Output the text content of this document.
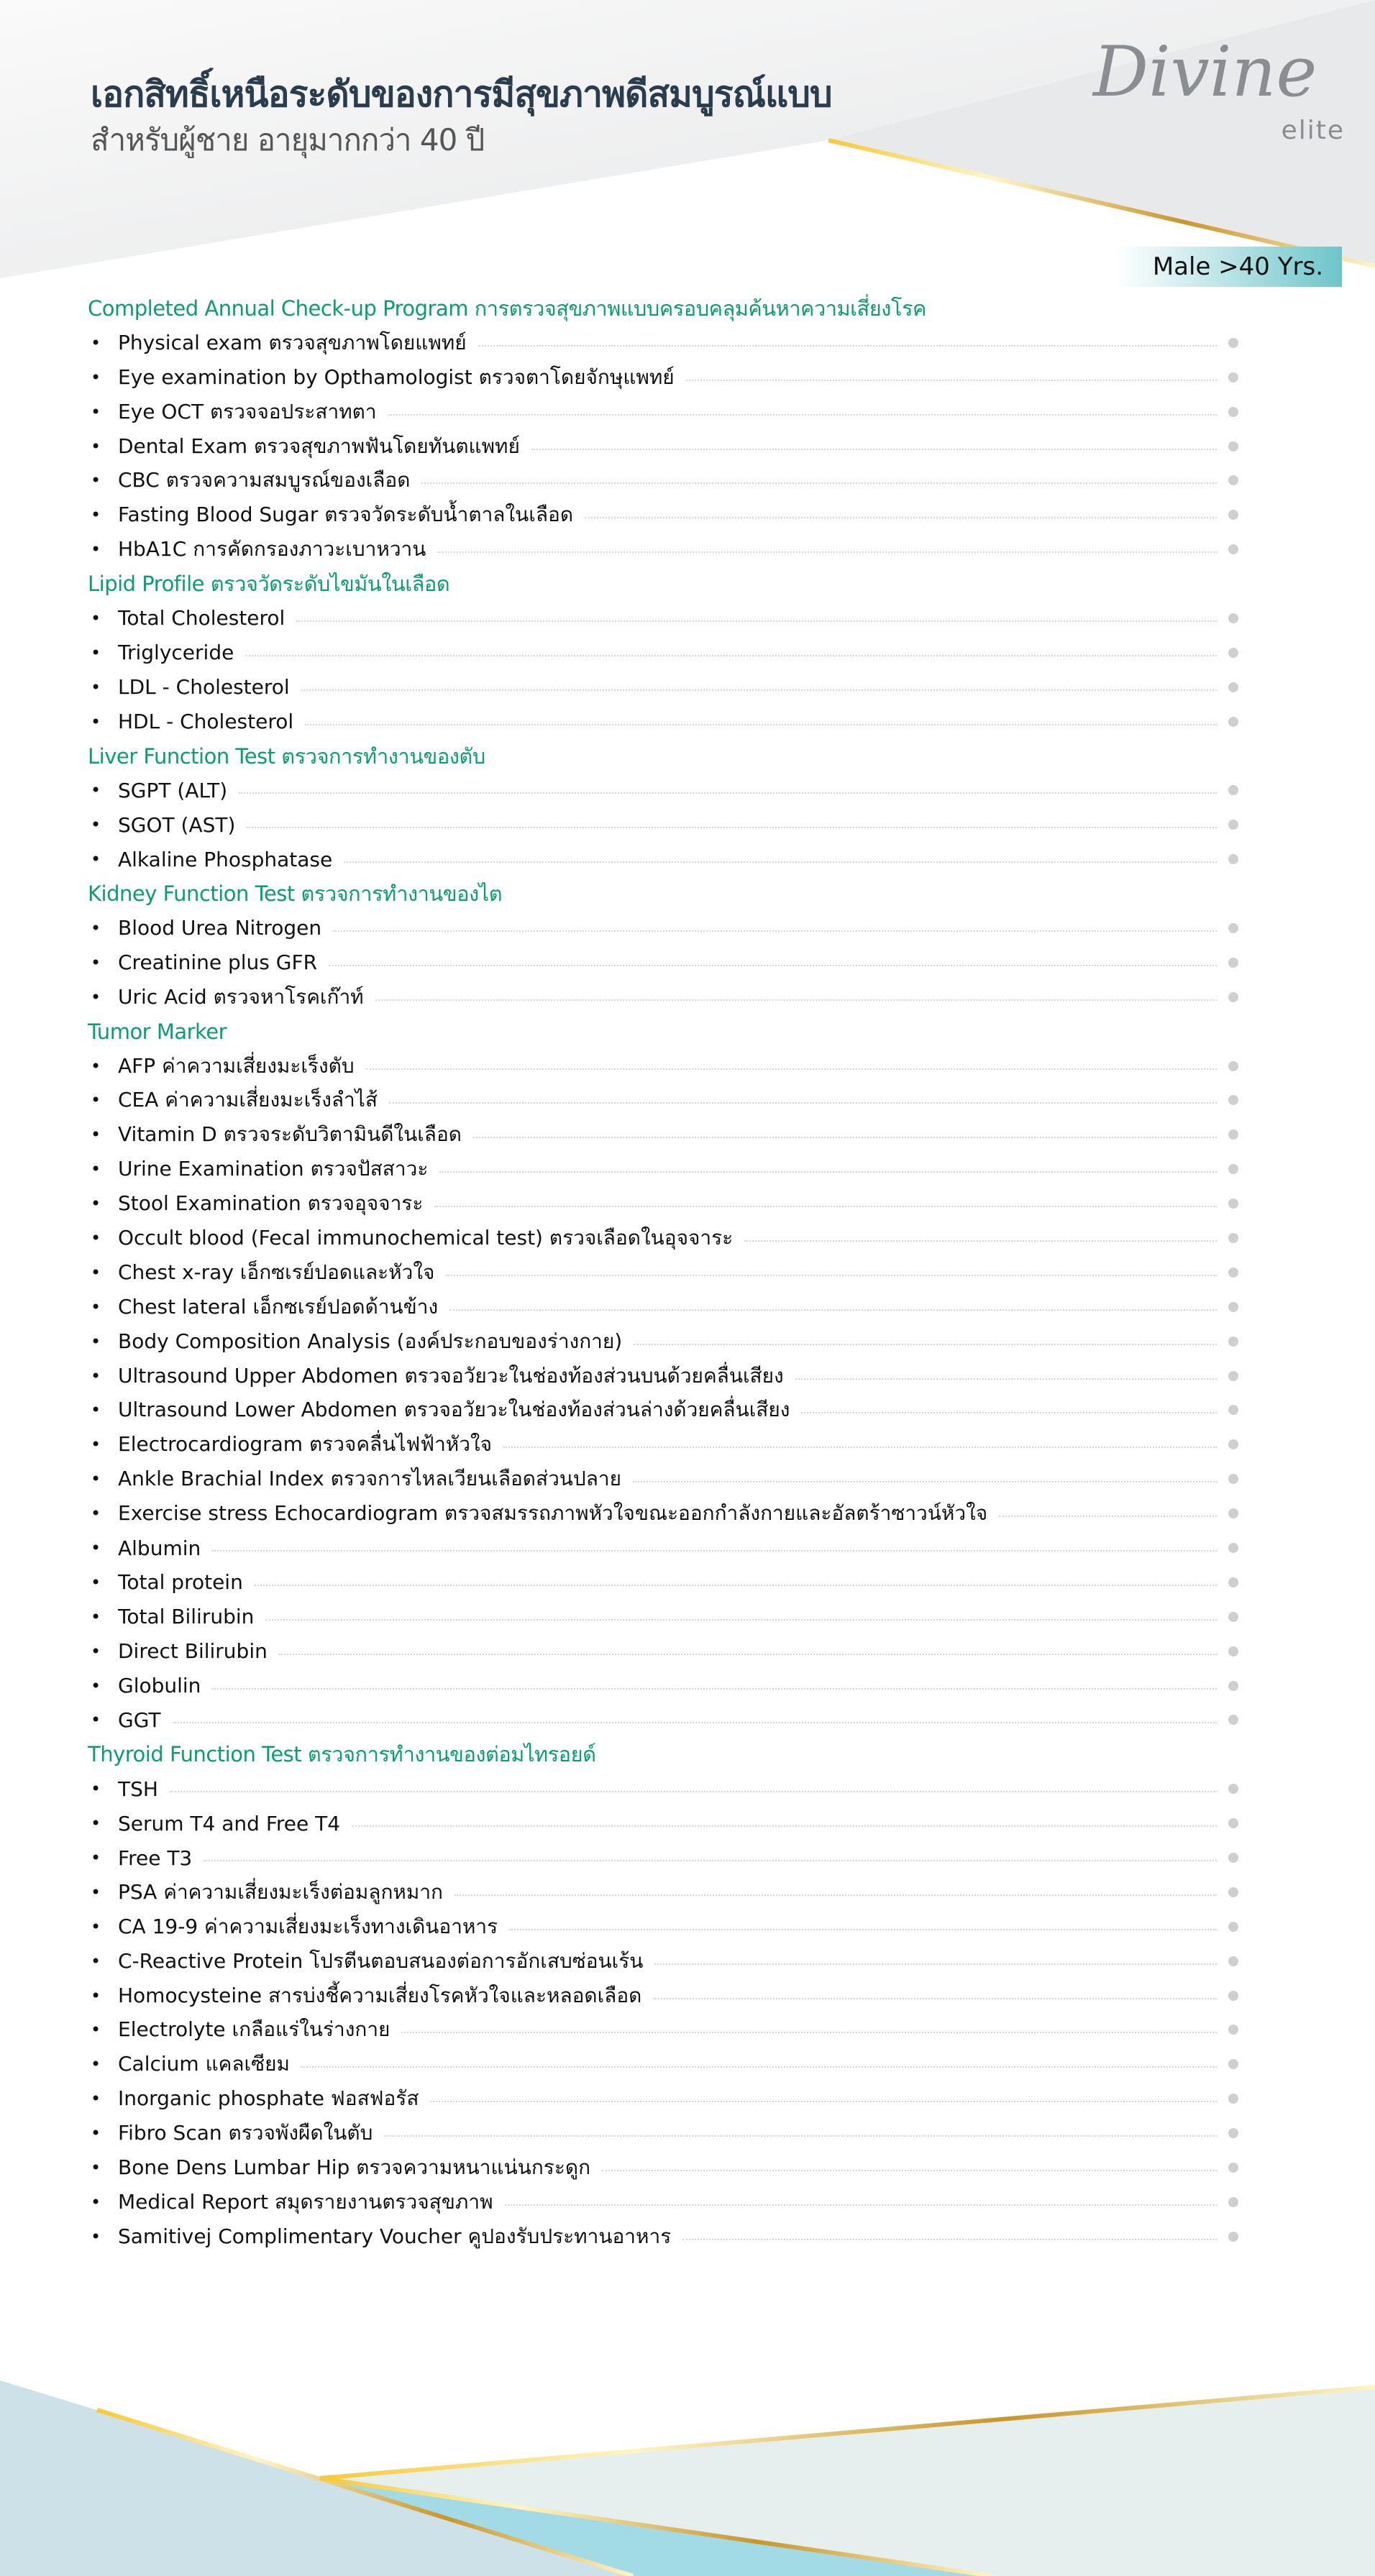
เอกสิทธิ์เหนือระดับของการมีสุขภาพดีสมบูรณ์แบบ
สำหรับผู้ชาย อายุมากกว่า 40 ปี
Divine
elite
Male >40 Yrs.
Completed Annual Check-up Program การตรวจสุขภาพแบบครอบคลุมค้นหาความเสี่ยงโรค
• Physical exam ตรวจสุขภาพโดยแพทย์
• Eye examination by Opthamologist ตรวจตาโดยจักษุแพทย์
• Eye OCT ตรวจจอประสาทตา
• Dental Exam ตรวจสุขภาพฟันโดยทันตแพทย์
• CBC ตรวจความสมบูรณ์ของเลือด
• Fasting Blood Sugar ตรวจวัดระดับน้ำตาลในเลือด
• HbA1C การคัดกรองภาวะเบาหวาน
Lipid Profile ตรวจวัดระดับไขมันในเลือด
• Total Cholesterol
• Triglyceride
• LDL - Cholesterol
• HDL - Cholesterol
Liver Function Test ตรวจการทำงานของตับ
• SGPT (ALT)
• SGOT (AST)
• Alkaline Phosphatase
Kidney Function Test ตรวจการทำงานของไต
• Blood Urea Nitrogen
• Creatinine plus GFR
• Uric Acid ตรวจหาโรคเก๊าท์
Tumor Marker
• AFP ค่าความเสี่ยงมะเร็งตับ
• CEA ค่าความเสี่ยงมะเร็งลำไส้
• Vitamin D ตรวจระดับวิตามินดีในเลือด
• Urine Examination ตรวจปัสสาวะ
• Stool Examination ตรวจอุจจาระ
• Occult blood (Fecal immunochemical test) ตรวจเลือดในอุจจาระ
• Chest x-ray เอ็กซเรย์ปอดและหัวใจ
• Chest lateral เอ็กซเรย์ปอดด้านข้าง
• Body Composition Analysis (องค์ประกอบของร่างกาย)
• Ultrasound Upper Abdomen ตรวจอวัยวะในช่องท้องส่วนบนด้วยคลื่นเสียง
• Ultrasound Lower Abdomen ตรวจอวัยวะในช่องท้องส่วนล่างด้วยคลื่นเสียง
• Electrocardiogram ตรวจคลื่นไฟฟ้าหัวใจ
• Ankle Brachial Index ตรวจการไหลเวียนเลือดส่วนปลาย
• Exercise stress Echocardiogram ตรวจสมรรถภาพหัวใจขณะออกกำลังกายและอัลตร้าซาวน์หัวใจ
• Albumin
• Total protein
• Total Bilirubin
• Direct Bilirubin
• Globulin
• GGT
Thyroid Function Test ตรวจการทำงานของต่อมไทรอยด์
• TSH
• Serum T4 and Free T4
• Free T3
• PSA ค่าความเสี่ยงมะเร็งต่อมลูกหมาก
• CA 19-9 ค่าความเสี่ยงมะเร็งทางเดินอาหาร
• C-Reactive Protein โปรตีนตอบสนองต่อการอักเสบซ่อนเร้น
• Homocysteine สารบ่งชี้ความเสี่ยงโรคหัวใจและหลอดเลือด
• Electrolyte เกลือแร่ในร่างกาย
• Calcium แคลเซียม
• Inorganic phosphate ฟอสฟอรัส
• Fibro Scan ตรวจพังผืดในตับ
• Bone Dens Lumbar Hip ตรวจความหนาแน่นกระดูก
• Medical Report สมุดรายงานตรวจสุขภาพ
• Samitivej Complimentary Voucher คูปองรับประทานอาหาร
